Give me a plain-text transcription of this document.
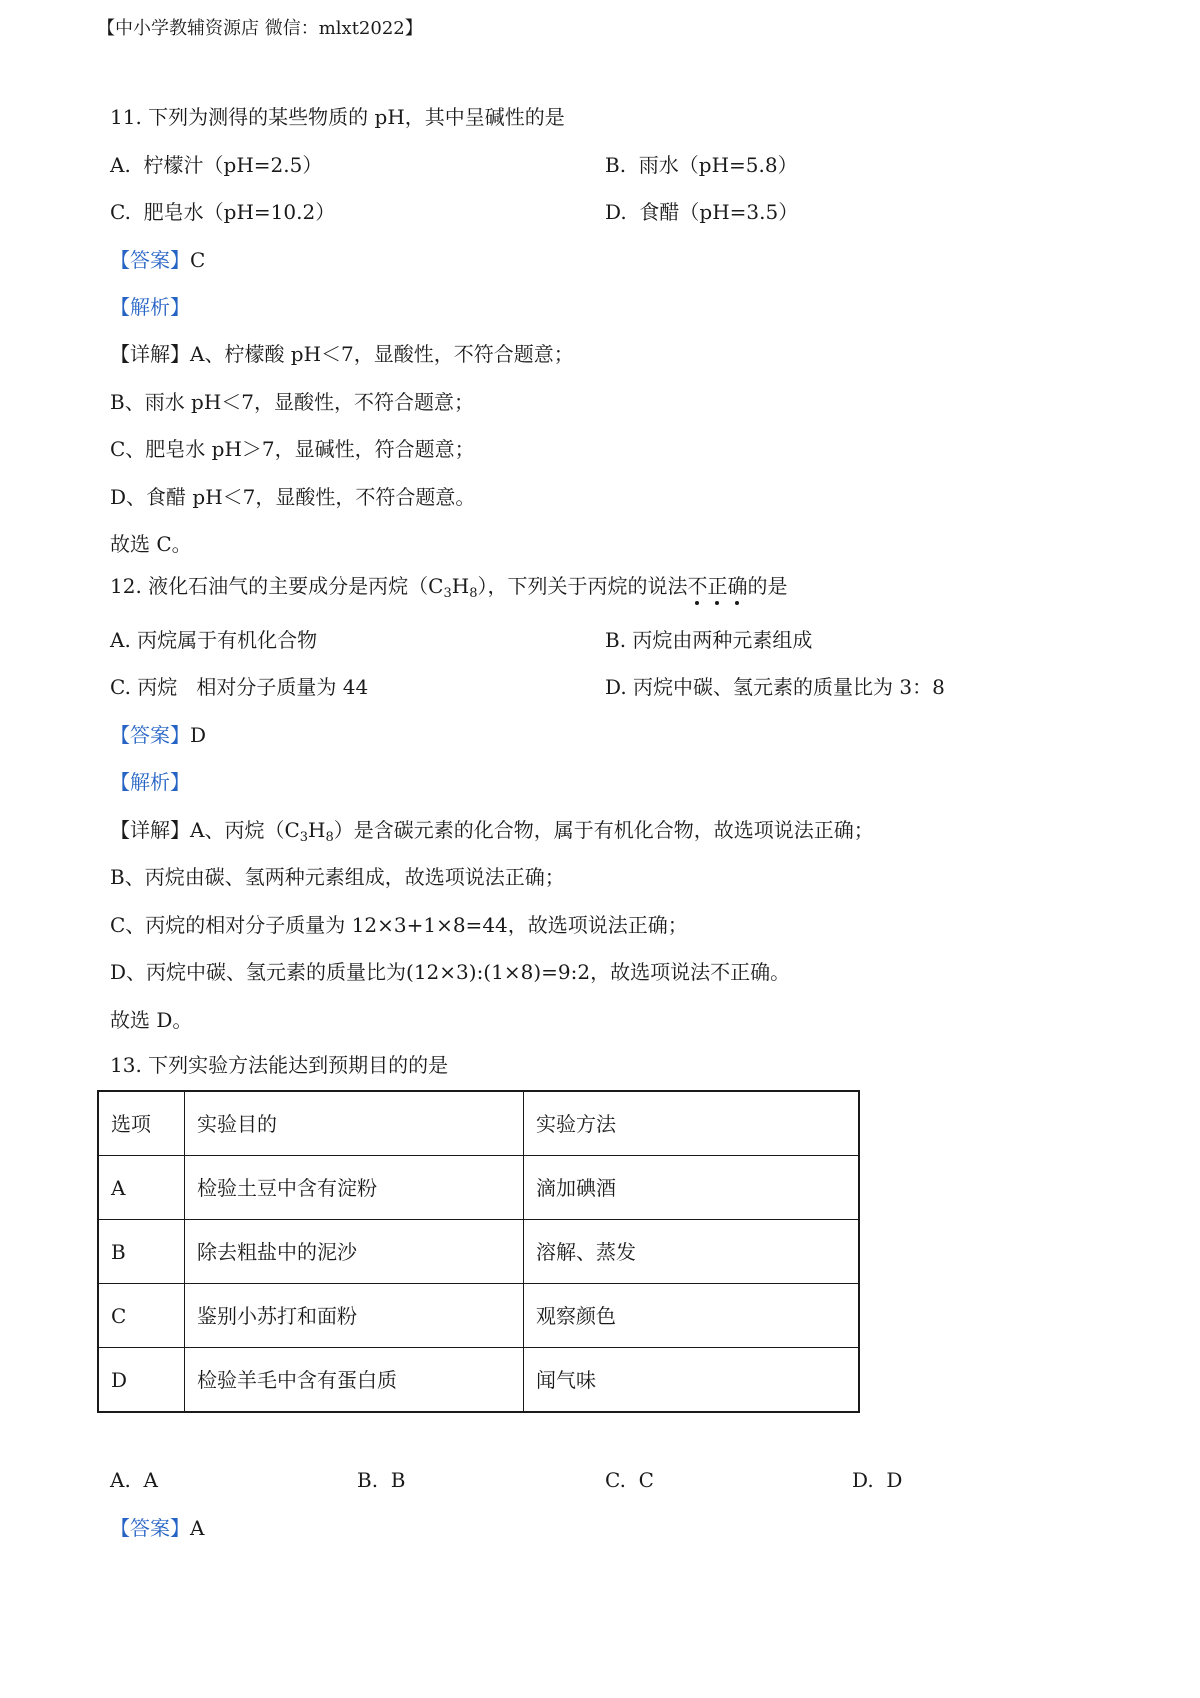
【中小学教辅资源店 微信：mlxt2022】
11. 下列为测得的某些物质的 pH，其中呈碱性的是
A. 柠檬汁（pH=2.5）	B. 雨水（pH=5.8）
C. 肥皂水（pH=10.2）	D. 食醋（pH=3.5）
【答案】C
【解析】
【详解】A、柠檬酸 pH＜7，显酸性，不符合题意；
B、雨水 pH＜7，显酸性，不符合题意；
C、肥皂水 pH＞7，显碱性，符合题意；
D、食醋 pH＜7，显酸性，不符合题意。
故选 C。
12. 液化石油气的主要成分是丙烷$(C_3H_8)$，下列关于丙烷的说法不正确的是
A. 丙烷属于有机化合物	B. 丙烷由两种元素组成
C. 丙烷   相对分子质量为 44	D. 丙烷中碳、氢元素的质量比为 3：8
【答案】D
【解析】
【详解】A、丙烷$(C_3H_8)$是含碳元素的化合物，属于有机化合物，故选项说法正确；
B、丙烷由碳、氢两种元素组成，故选项说法正确；
C、丙烷的相对分子质量为 12×3+1×8=44，故选项说法正确；
D、丙烷中碳、氢元素的质量比为(12×3):(1×8)=9:2，故选项说法不正确。
故选 D。
13. 下列实验方法能达到预期目的的是
选项	实验目的	实验方法
A	检验土豆中含有淀粉	滴加碘酒
B	除去粗盐中的泥沙	溶解、蒸发
C	鉴别小苏打和面粉	观察颜色
D	检验羊毛中含有蛋白质	闻气味
A. A	B. B	C. C	D. D
【答案】A
